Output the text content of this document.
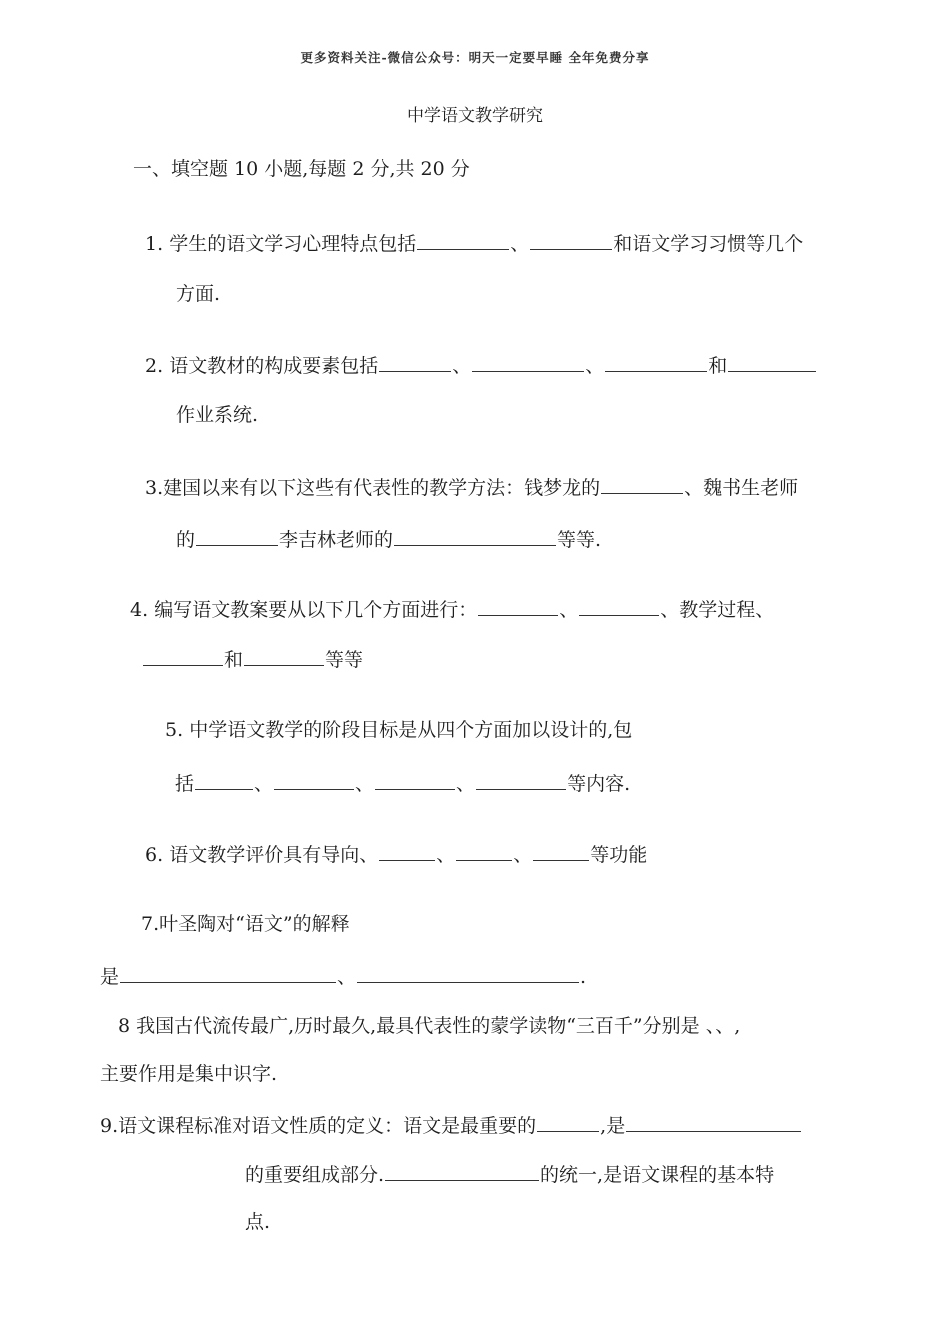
更多资料关注-微信公众号：明天一定要早睡 全年免费分享
中学语文教学研究
一、填空题 10 小题,每题 2 分,共 20 分
1. 学生的语文学习心理特点包括	、	和语文学习习惯等几个
方面.
2. 语文教材的构成要素包括	、	、	和
作业系统.
3.建国以来有以下这些有代表性的教学方法：钱梦龙的	、魏书生老师
的	李吉林老师的	等等.
4. 编写语文教案要从以下几个方面进行：	、	、教学过程、
和	等等
5. 中学语文教学的阶段目标是从四个方面加以设计的,包
括	、	、	、	等内容.
6. 语文教学评价具有导向、	、	、	等功能
7.叶圣陶对“语文”的解释
是	、	.
8 我国古代流传最广,历时最久,最具代表性的蒙学读物“三百千”分别是 、、,
主要作用是集中识字.
9.语文课程标准对语文性质的定义：语文是最重要的	,是
的重要组成部分.	的统一,是语文课程的基本特
点.
